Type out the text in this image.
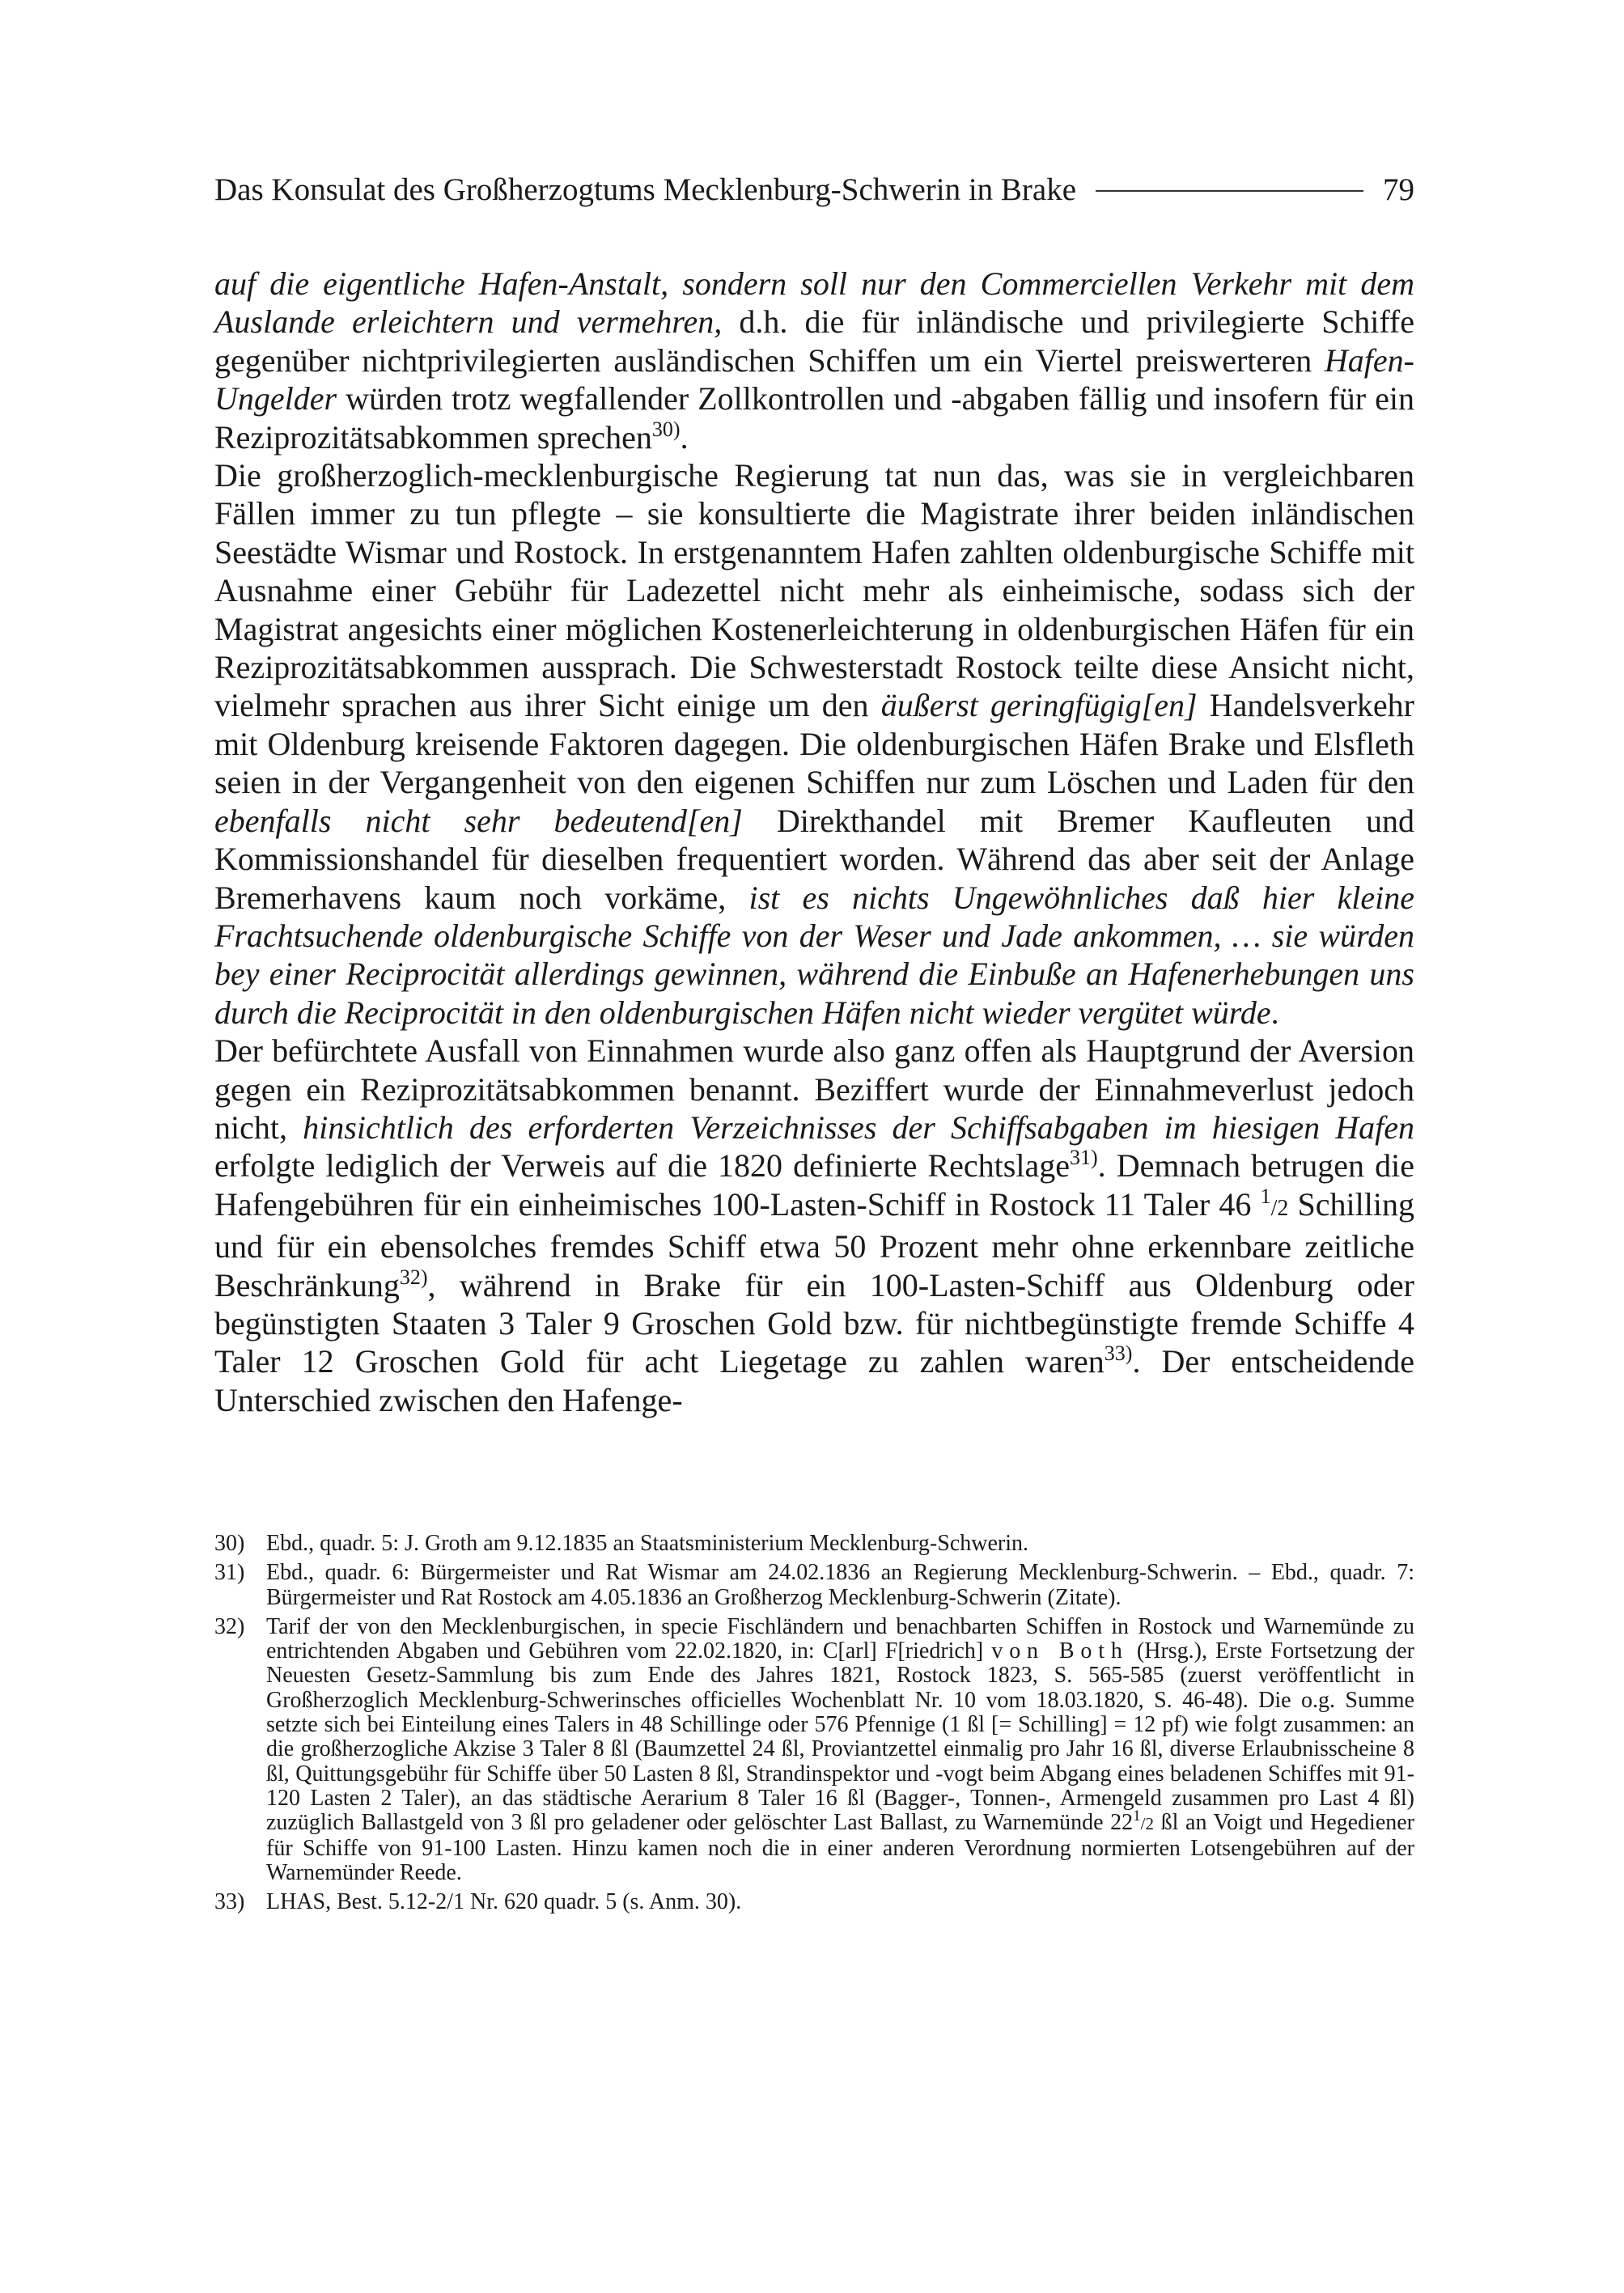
Das Konsulat des Großherzogtums Mecklenburg-Schwerin in Brake	79

auf die eigentliche Hafen-Anstalt, sondern soll nur den Commerciellen Verkehr mit dem Auslande erleichtern und vermehren, d.h. die für inländische und privilegierte Schiffe gegenüber nichtprivilegierten ausländischen Schiffen um ein Viertel preiswerteren Hafen-Ungelder würden trotz wegfallender Zollkontrollen und -abgaben fällig und insofern für ein Reziprozitätsabkommen sprechen$^{30)}$.

Die großherzoglich-mecklenburgische Regierung tat nun das, was sie in vergleichbaren Fällen immer zu tun pflegte – sie konsultierte die Magistrate ihrer beiden inländischen Seestädte Wismar und Rostock. In erstgenanntem Hafen zahlten oldenburgische Schiffe mit Ausnahme einer Gebühr für Ladezettel nicht mehr als einheimische, sodass sich der Magistrat angesichts einer möglichen Kostenerleichterung in oldenburgischen Häfen für ein Reziprozitätsabkommen aussprach. Die Schwesterstadt Rostock teilte diese Ansicht nicht, vielmehr sprachen aus ihrer Sicht einige um den äußerst geringfügig[en] Handelsverkehr mit Oldenburg kreisende Faktoren dagegen. Die oldenburgischen Häfen Brake und Elsfleth seien in der Vergangenheit von den eigenen Schiffen nur zum Löschen und Laden für den ebenfalls nicht sehr bedeutend[en] Direkthandel mit Bremer Kaufleuten und Kommissionshandel für dieselben frequentiert worden. Während das aber seit der Anlage Bremerhavens kaum noch vorkäme, ist es nichts Ungewöhnliches daß hier kleine Frachtsuchende oldenburgische Schiffe von der Weser und Jade ankommen, … sie würden bey einer Reciprocität allerdings gewinnen, während die Einbuße an Hafenerhebungen uns durch die Reciprocität in den oldenburgischen Häfen nicht wieder vergütet würde.

Der befürchtete Ausfall von Einnahmen wurde also ganz offen als Hauptgrund der Aversion gegen ein Reziprozitätsabkommen benannt. Beziffert wurde der Einnahmeverlust jedoch nicht, hinsichtlich des erforderten Verzeichnisses der Schiffsabgaben im hiesigen Hafen erfolgte lediglich der Verweis auf die 1820 definierte Rechtslage$^{31)}$. Demnach betrugen die Hafengebühren für ein einheimisches 100-Lasten-Schiff in Rostock 11 Taler 46 $^1$/2 Schilling und für ein ebensolches fremdes Schiff etwa 50 Prozent mehr ohne erkennbare zeitliche Beschränkung$^{32)}$, während in Brake für ein 100-Lasten-Schiff aus Oldenburg oder begünstigten Staaten 3 Taler 9 Groschen Gold bzw. für nichtbegünstigte fremde Schiffe 4 Taler 12 Groschen Gold für acht Liegetage zu zahlen waren$^{33)}$. Der entscheidende Unterschied zwischen den Hafenge-

30) Ebd., quadr. 5: J. Groth am 9.12.1835 an Staatsministerium Mecklenburg-Schwerin.
31) Ebd., quadr. 6: Bürgermeister und Rat Wismar am 24.02.1836 an Regierung Mecklenburg-Schwerin. – Ebd., quadr. 7: Bürgermeister und Rat Rostock am 4.05.1836 an Großherzog Mecklenburg-Schwerin (Zitate).
32) Tarif der von den Mecklenburgischen, in specie Fischländern und benachbarten Schiffen in Rostock und Warnemünde zu entrichtenden Abgaben und Gebühren vom 22.02.1820, in: C[arl] F[riedrich] von Both (Hrsg.), Erste Fortsetzung der Neuesten Gesetz-Sammlung bis zum Ende des Jahres 1821, Rostock 1823, S. 565-585 (zuerst veröffentlicht in Großherzoglich Mecklenburg-Schwerinsches officielles Wochenblatt Nr. 10 vom 18.03.1820, S. 46-48). Die o.g. Summe setzte sich bei Einteilung eines Talers in 48 Schillinge oder 576 Pfennige (1 ßl [= Schilling] = 12 pf) wie folgt zusammen: an die großherzogliche Akzise 3 Taler 8 ßl (Baumzettel 24 ßl, Proviantzettel einmalig pro Jahr 16 ßl, diverse Erlaubnisscheine 8 ßl, Quittungsgebühr für Schiffe über 50 Lasten 8 ßl, Strandinspektor und -vogt beim Abgang eines beladenen Schiffes mit 91-120 Lasten 2 Taler), an das städtische Aerarium 8 Taler 16 ßl (Bagger-, Tonnen-, Armengeld zusammen pro Last 4 ßl) zuzüglich Ballastgeld von 3 ßl pro geladener oder gelöschter Last Ballast, zu Warnemünde $22^1/2$ ßl an Voigt und Hegediener für Schiffe von 91-100 Lasten. Hinzu kamen noch die in einer anderen Verordnung normierten Lotsengebühren auf der Warnemünder Reede.
33) LHAS, Best. 5.12-2/1 Nr. 620 quadr. 5 (s. Anm. 30).
